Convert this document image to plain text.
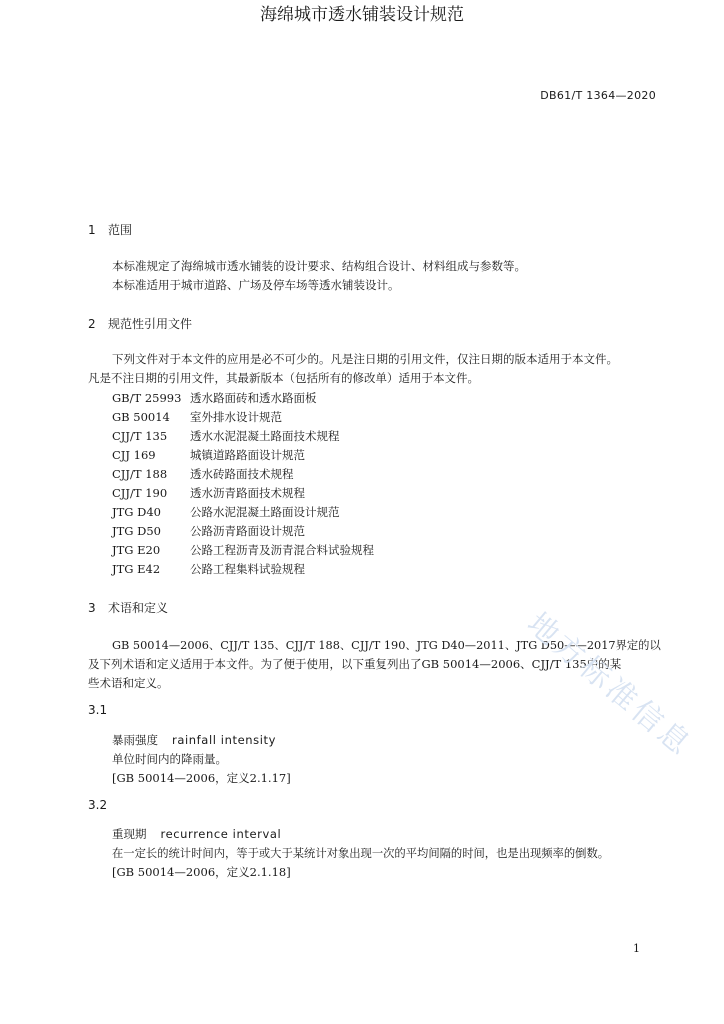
DB61/T 1364—2020
海绵城市透水铺装设计规范
1 范围
本标准规定了海绵城市透水铺装的设计要求、结构组合设计、材料组成与参数等。
本标准适用于城市道路、广场及停车场等透水铺装设计。
2 规范性引用文件
下列文件对于本文件的应用是必不可少的。凡是注日期的引用文件，仅注日期的版本适用于本文件。
凡是不注日期的引用文件，其最新版本（包括所有的修改单）适用于本文件。
GB/T 25993 透水路面砖和透水路面板
GB 50014 室外排水设计规范
CJJ/T 135 透水水泥混凝土路面技术规程
CJJ 169	城镇道路路面设计规范
CJJ/T 188 透水砖路面技术规程
CJJ/T 190 透水沥青路面技术规程
JTG D40	公路水泥混凝土路面设计规范
JTG D50	公路沥青路面设计规范
JTG E20	公路工程沥青及沥青混合料试验规程
JTG E42	公路工程集料试验规程
3 术语和定义
GB 50014—2006、CJJ/T 135、CJJ/T 188、CJJ/T 190、JTG D40—2011、JTG D50——2017界定的以
及下列术语和定义适用于本文件。为了便于使用，以下重复列出了GB 50014—2006、CJJ/T 135中的某
些术语和定义。
3.1
暴雨强度 rainfall intensity
单位时间内的降雨量。
[GB 50014—2006，定义2.1.17]
3.2
重现期 recurrence interval
在一定长的统计时间内，等于或大于某统计对象出现一次的平均间隔的时间，也是出现频率的倒数。
[GB 50014—2006，定义2.1.18]
地方标准信息
1
